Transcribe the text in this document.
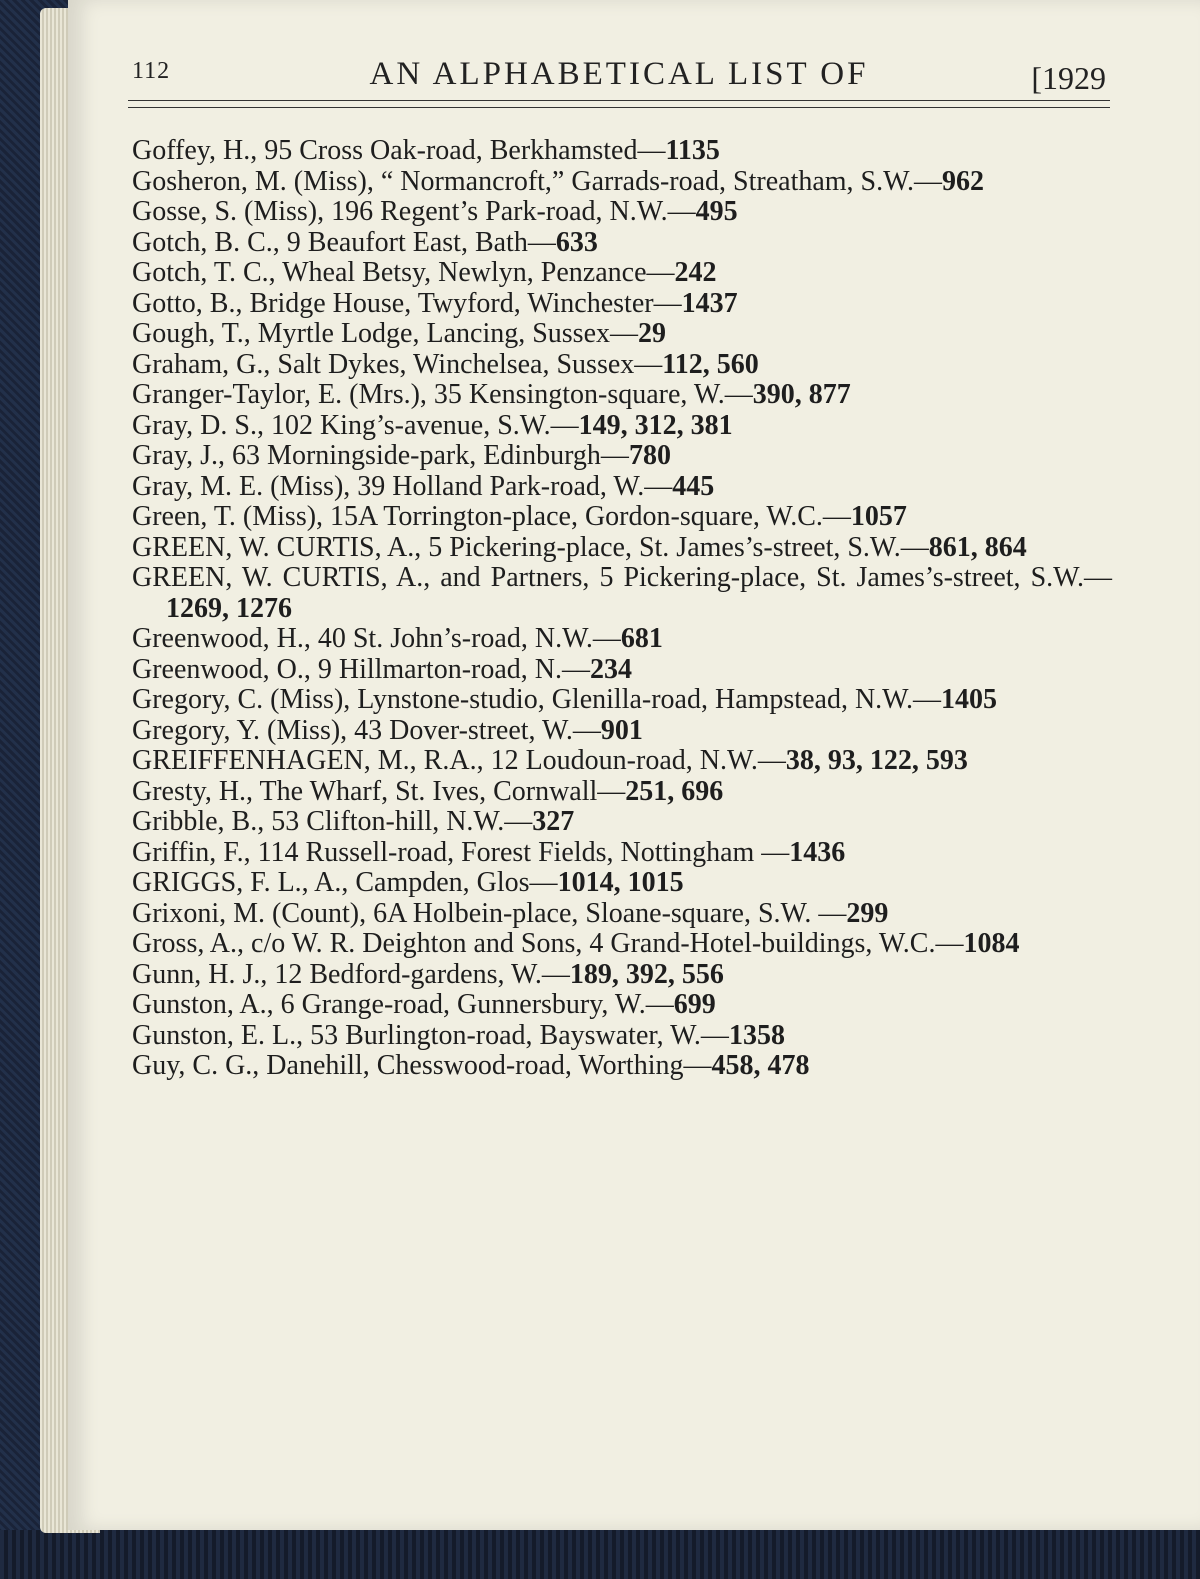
112	AN ALPHABETICAL LIST OF	[1929
Goffey, H., 95 Cross Oak-road, Berkhamsted—1135
Gosheron, M. (Miss), “ Normancroft,” Garrads-road, Streatham, S.W.—962
Gosse, S. (Miss), 196 Regent’s Park-road, N.W.—495
Gotch, B. C., 9 Beaufort East, Bath—633
Gotch, T. C., Wheal Betsy, Newlyn, Penzance—242
Gotto, B., Bridge House, Twyford, Winchester—1437
Gough, T., Myrtle Lodge, Lancing, Sussex—29
Graham, G., Salt Dykes, Winchelsea, Sussex—112, 560
Granger-Taylor, E. (Mrs.), 35 Kensington-square, W.—390, 877
Gray, D. S., 102 King’s-avenue, S.W.—149, 312, 381
Gray, J., 63 Morningside-park, Edinburgh—780
Gray, M. E. (Miss), 39 Holland Park-road, W.—445
Green, T. (Miss), 15A Torrington-place, Gordon-square, W.C.—1057
GREEN, W. CURTIS, A., 5 Pickering-place, St. James’s-street, S.W.—861, 864
GREEN, W. CURTIS, A., and Partners, 5 Pickering-place, St. James’s-street, S.W.—1269, 1276
Greenwood, H., 40 St. John’s-road, N.W.—681
Greenwood, O., 9 Hillmarton-road, N.—234
Gregory, C. (Miss), Lynstone-studio, Glenilla-road, Hampstead, N.W.—1405
Gregory, Y. (Miss), 43 Dover-street, W.—901
GREIFFENHAGEN, M., R.A., 12 Loudoun-road, N.W.—38, 93, 122, 593
Gresty, H., The Wharf, St. Ives, Cornwall—251, 696
Gribble, B., 53 Clifton-hill, N.W.—327
Griffin, F., 114 Russell-road, Forest Fields, Nottingham —1436
GRIGGS, F. L., A., Campden, Glos—1014, 1015
Grixoni, M. (Count), 6A Holbein-place, Sloane-square, S.W. —299
Gross, A., c/o W. R. Deighton and Sons, 4 Grand-Hotel-buildings, W.C.—1084
Gunn, H. J., 12 Bedford-gardens, W.—189, 392, 556
Gunston, A., 6 Grange-road, Gunnersbury, W.—699
Gunston, E. L., 53 Burlington-road, Bayswater, W.—1358
Guy, C. G., Danehill, Chesswood-road, Worthing—458, 478
